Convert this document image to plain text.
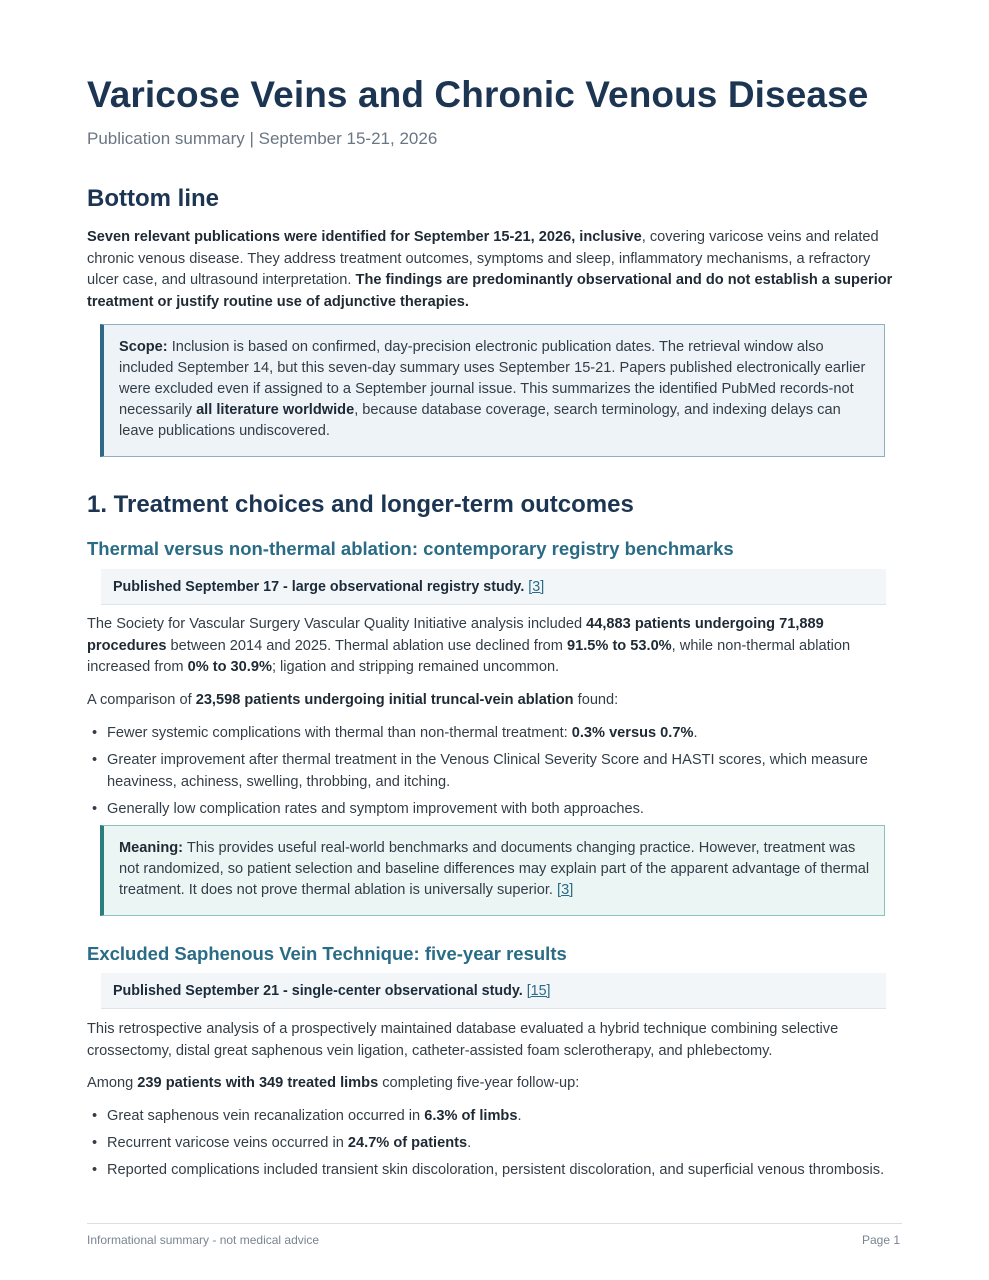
Varicose Veins and Chronic Venous Disease
Publication summary | September 15-21, 2026
Bottom line

Seven relevant publications were identified for September 15-21, 2026, inclusive, covering varicose veins and related chronic venous disease. They address treatment outcomes, symptoms and sleep, inflammatory mechanisms, a refractory ulcer case, and ultrasound interpretation. The findings are predominantly observational and do not establish a superior treatment or justify routine use of adjunctive therapies.

Scope: Inclusion is based on confirmed, day-precision electronic publication dates. The retrieval window also included September 14, but this seven-day summary uses September 15-21. Papers published electronically earlier were excluded even if assigned to a September journal issue. This summarizes the identified PubMed records-not necessarily all literature worldwide, because database coverage, search terminology, and indexing delays can leave publications undiscovered.

1. Treatment choices and longer-term outcomes
Thermal versus non-thermal ablation: contemporary registry benchmarks
Published September 17 - large observational registry study. [3]

The Society for Vascular Surgery Vascular Quality Initiative analysis included 44,883 patients undergoing 71,889 procedures between 2014 and 2025. Thermal ablation use declined from 91.5% to 53.0%, while non-thermal ablation increased from 0% to 30.9%; ligation and stripping remained uncommon.

A comparison of 23,598 patients undergoing initial truncal-vein ablation found:

• Fewer systemic complications with thermal than non-thermal treatment: 0.3% versus 0.7%.
• Greater improvement after thermal treatment in the Venous Clinical Severity Score and HASTI scores, which measure heaviness, achiness, swelling, throbbing, and itching.
• Generally low complication rates and symptom improvement with both approaches.

Meaning: This provides useful real-world benchmarks and documents changing practice. However, treatment was not randomized, so patient selection and baseline differences may explain part of the apparent advantage of thermal treatment. It does not prove thermal ablation is universally superior. [3]

Excluded Saphenous Vein Technique: five-year results
Published September 21 - single-center observational study. [15]

This retrospective analysis of a prospectively maintained database evaluated a hybrid technique combining selective crossectomy, distal great saphenous vein ligation, catheter-assisted foam sclerotherapy, and phlebectomy.

Among 239 patients with 349 treated limbs completing five-year follow-up:

• Great saphenous vein recanalization occurred in 6.3% of limbs.
• Recurrent varicose veins occurred in 24.7% of patients.
• Reported complications included transient skin discoloration, persistent discoloration, and superficial venous thrombosis.
Informational summary - not medical advice	Page 1
